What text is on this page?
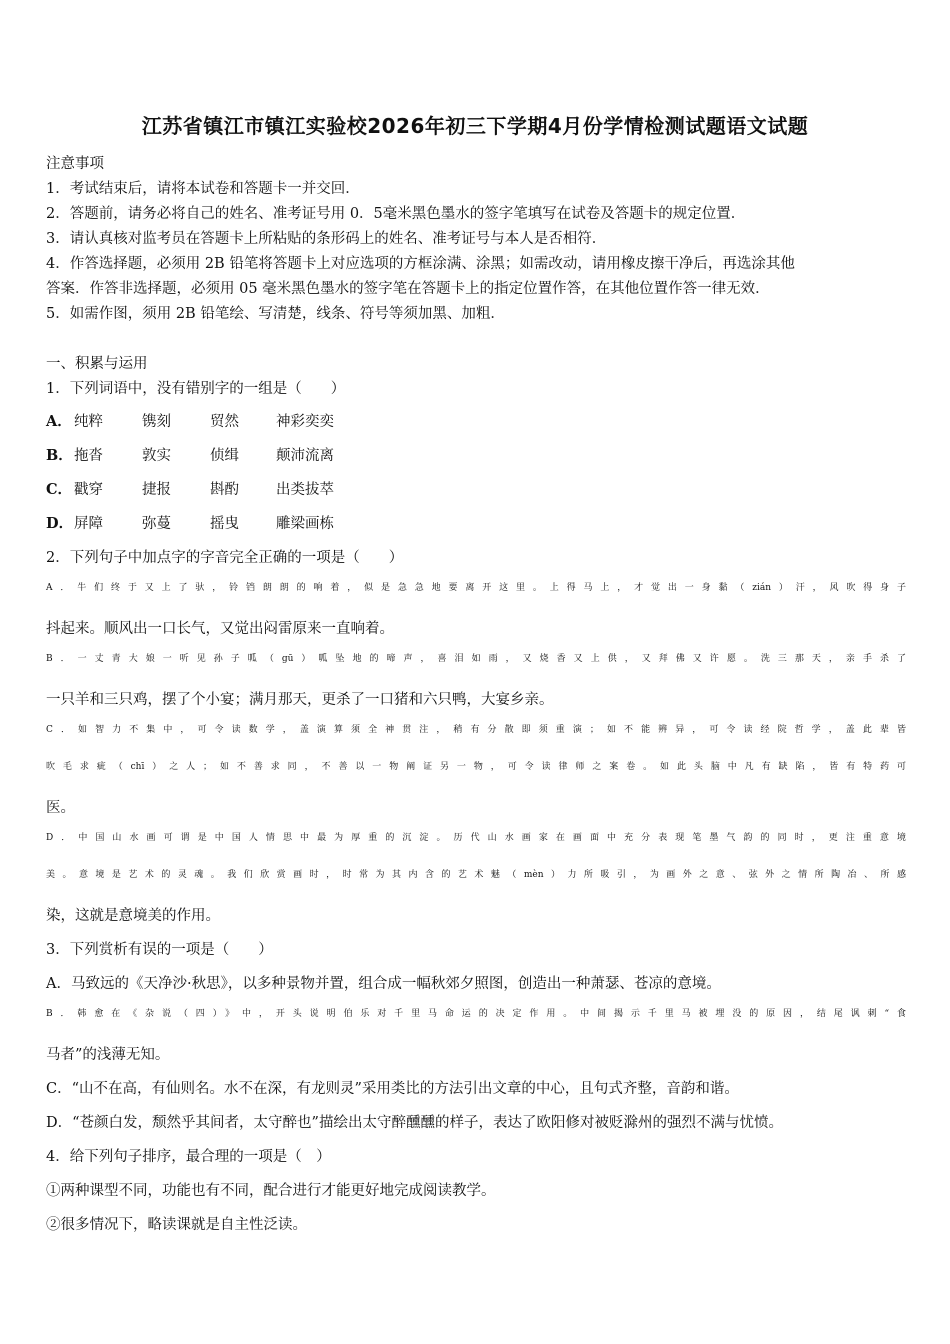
江苏省镇江市镇江实验校2026年初三下学期4月份学情检测试题语文试题
注意事项
1．考试结束后，请将本试卷和答题卡一并交回．
2．答题前，请务必将自己的姓名、准考证号用 0．5毫米黑色墨水的签字笔填写在试卷及答题卡的规定位置．
3．请认真核对监考员在答题卡上所粘贴的条形码上的姓名、准考证号与本人是否相符．
4．作答选择题，必须用 2B 铅笔将答题卡上对应选项的方框涂满、涂黑；如需改动，请用橡皮擦干净后，再选涂其他
答案．作答非选择题，必须用 05 毫米黑色墨水的签字笔在答题卡上的指定位置作答，在其他位置作答一律无效．
5．如需作图，须用 2B 铅笔绘、写清楚，线条、符号等须加黑、加粗．
一、积累与运用
1．下列词语中，没有错别字的一组是（　　）
A． 纯粹	镌刻	贸然	神彩奕奕
B．拖沓	敦实	侦缉	颠沛流离
C． 戳穿	捷报	斟酌	出类拔萃
D．屏障	弥蔓	摇曳	雕梁画栋
2．下列句子中加点字的字音完全正确的一项是（　　）
A．牛们终于又上了驮，铃铛朗朗的响着，似是急急地要离开这里。上得马上，才觉出一身黏（zián）汗，风吹得身子
抖起来。顺风出一口长气，又觉出闷雷原来一直响着。
B．一丈青大娘一听见孙子呱（gū）呱坠地的啼声，喜泪如雨，又烧香又上供，又拜佛又许愿。洗三那天，亲手杀了
一只羊和三只鸡，摆了个小宴；满月那天，更杀了一口猪和六只鸭，大宴乡亲。
C．如智力不集中，可令读数学，盖演算须全神贯注，稍有分散即须重演；如不能辨异，可令读经院哲学，盖此辈皆
吹毛求疵（chī）之人；如不善求同，不善以一物阐证另一物，可令读律师之案卷。如此头脑中凡有缺陷，皆有特药可
医。
D．中国山水画可谓是中国人情思中最为厚重的沉淀。历代山水画家在画面中充分表现笔墨气韵的同时，更注重意境
美。意境是艺术的灵魂。我们欣赏画时，时常为其内含的艺术魅（mèn）力所吸引，为画外之意、弦外之情所陶冶、所感
染，这就是意境美的作用。
3．下列赏析有误的一项是（　　）
A．马致远的《天净沙·秋思》，以多种景物并置，组合成一幅秋郊夕照图，创造出一种萧瑟、苍凉的意境。
B．韩愈在《杂说（四）》中，开头说明伯乐对千里马命运的决定作用。中间揭示千里马被埋没的原因，结尾讽刺“食
马者”的浅薄无知。
C．“山不在高，有仙则名。水不在深，有龙则灵”采用类比的方法引出文章的中心，且句式齐整，音韵和谐。
D．“苍颜白发，颓然乎其间者，太守醉也”描绘出太守醉醺醺的样子，表达了欧阳修对被贬滁州的强烈不满与忧愤。
4．给下列句子排序，最合理的一项是（　）
①两种课型不同，功能也有不同，配合进行才能更好地完成阅读教学。
②很多情况下，略读课就是自主性泛读。
